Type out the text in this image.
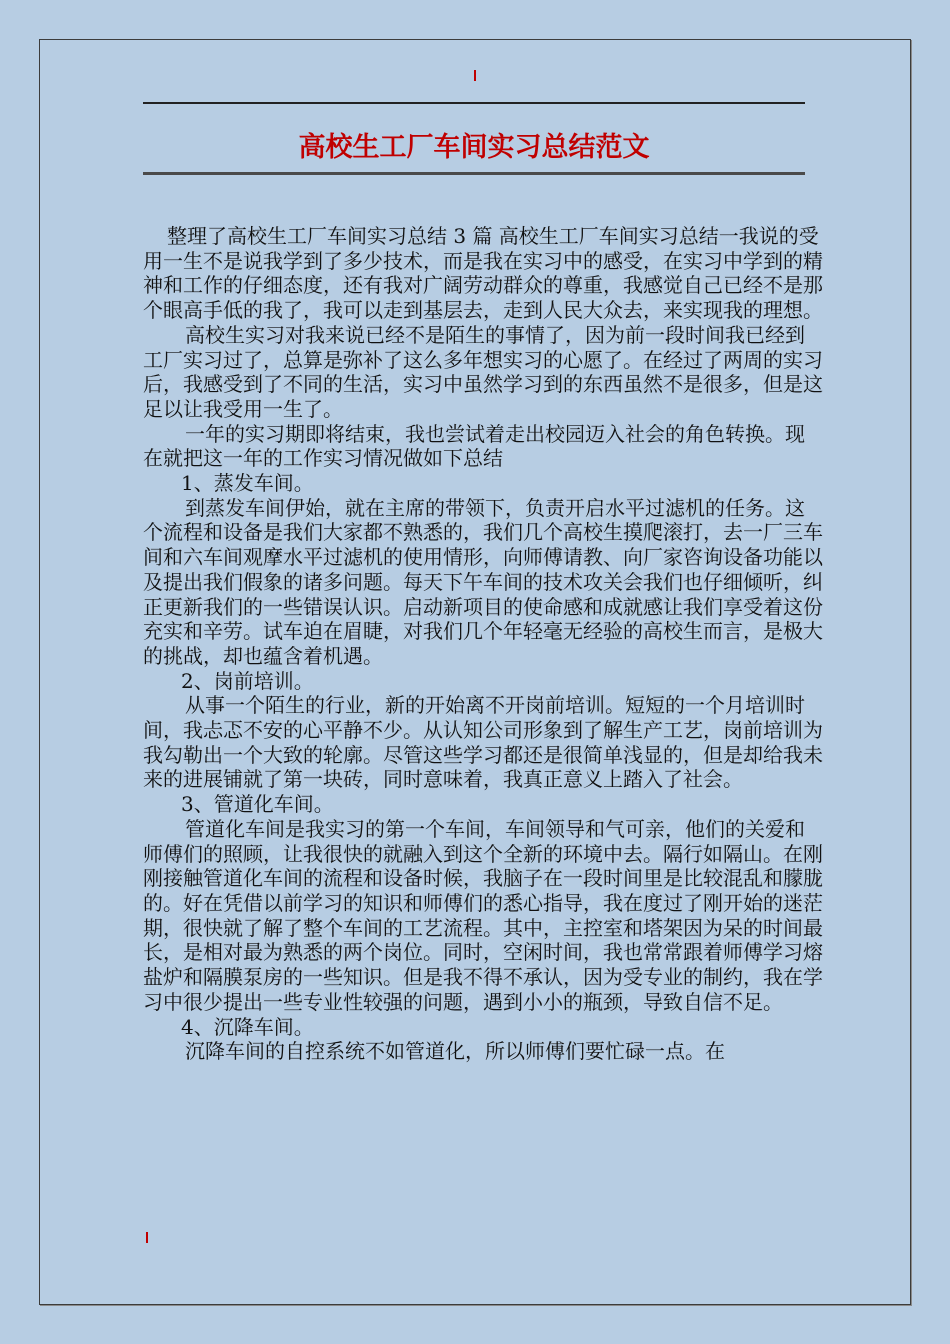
高校生工厂车间实习总结范文

整理了高校生工厂车间实习总结 3 篇 高校生工厂车间实习总结一我说的受用一生不是说我学到了多少技术，而是我在实习中的感受，在实习中学到的精神和工作的仔细态度，还有我对广阔劳动群众的尊重，我感觉自己已经不是那个眼高手低的我了，我可以走到基层去，走到人民大众去，来实现我的理想。

高校生实习对我来说已经不是陌生的事情了，因为前一段时间我已经到工厂实习过了，总算是弥补了这么多年想实习的心愿了。在经过了两周的实习后，我感受到了不同的生活，实习中虽然学习到的东西虽然不是很多，但是这足以让我受用一生了。

一年的实习期即将结束，我也尝试着走出校园迈入社会的角色转换。现在就把这一年的工作实习情况做如下总结

1、蒸发车间。

到蒸发车间伊始，就在主席的带领下，负责开启水平过滤机的任务。这个流程和设备是我们大家都不熟悉的，我们几个高校生摸爬滚打，去一厂三车间和六车间观摩水平过滤机的使用情形，向师傅请教、向厂家咨询设备功能以及提出我们假象的诸多问题。每天下午车间的技术攻关会我们也仔细倾听，纠正更新我们的一些错误认识。启动新项目的使命感和成就感让我们享受着这份充实和辛劳。试车迫在眉睫，对我们几个年轻毫无经验的高校生而言，是极大的挑战，却也蕴含着机遇。

2、岗前培训。

从事一个陌生的行业，新的开始离不开岗前培训。短短的一个月培训时间，我忐忑不安的心平静不少。从认知公司形象到了解生产工艺，岗前培训为我勾勒出一个大致的轮廓。尽管这些学习都还是很简单浅显的，但是却给我未来的进展铺就了第一块砖，同时意味着，我真正意义上踏入了社会。

3、管道化车间。

管道化车间是我实习的第一个车间，车间领导和气可亲，他们的关爱和师傅们的照顾，让我很快的就融入到这个全新的环境中去。隔行如隔山。在刚刚接触管道化车间的流程和设备时候，我脑子在一段时间里是比较混乱和朦胧的。好在凭借以前学习的知识和师傅们的悉心指导，我在度过了刚开始的迷茫期，很快就了解了整个车间的工艺流程。其中，主控室和塔架因为呆的时间最长，是相对最为熟悉的两个岗位。同时，空闲时间，我也常常跟着师傅学习熔盐炉和隔膜泵房的一些知识。但是我不得不承认，因为受专业的制约，我在学习中很少提出一些专业性较强的问题，遇到小小的瓶颈，导致自信不足。

4、沉降车间。

沉降车间的自控系统不如管道化，所以师傅们要忙碌一点。在
